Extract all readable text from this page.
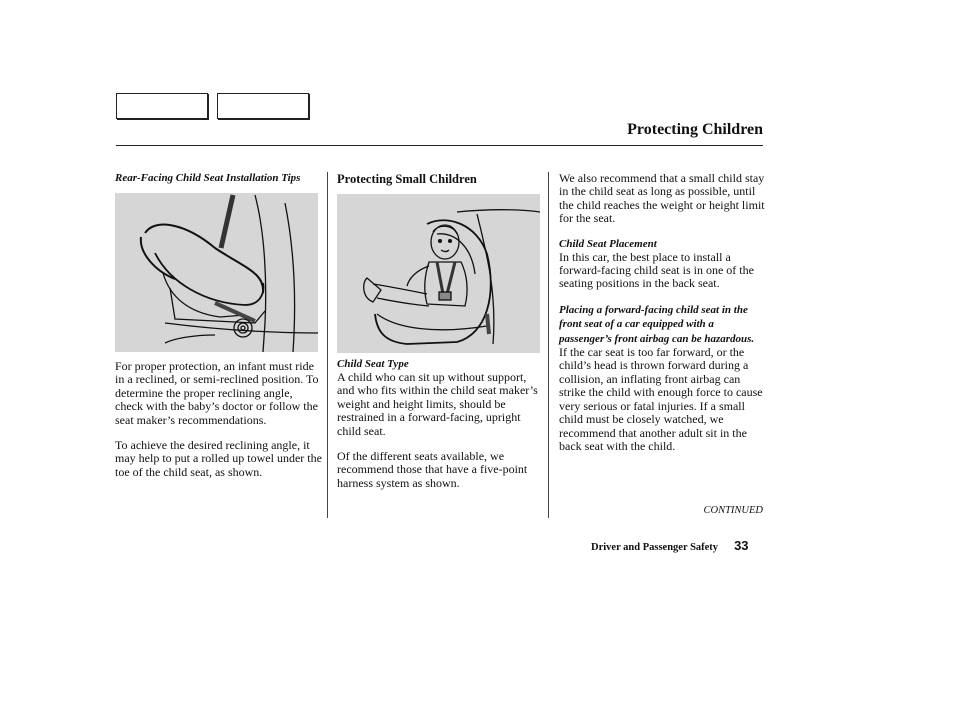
Protecting Children

Rear-Facing Child Seat Installation Tips

For proper protection, an infant must ride in a reclined, or semi-reclined position. To determine the proper reclining angle, check with the baby’s doctor or follow the seat maker’s recommendations.

To achieve the desired reclining angle, it may help to put a rolled up towel under the toe of the child seat, as shown.

Protecting Small Children

Child Seat Type

A child who can sit up without support, and who fits within the child seat maker’s weight and height limits, should be restrained in a forward-facing, upright child seat.

Of the different seats available, we recommend those that have a five-point harness system as shown.

We also recommend that a small child stay in the child seat as long as possible, until the child reaches the weight or height limit for the seat.

Child Seat Placement

In this car, the best place to install a forward-facing child seat is in one of the seating positions in the back seat.

Placing a forward-facing child seat in the front seat of a car equipped with a passenger’s front airbag can be hazardous. If the car seat is too far forward, or the child’s head is thrown forward during a collision, an inflating front airbag can strike the child with enough force to cause very serious or fatal injuries. If a small child must be closely watched, we recommend that another adult sit in the back seat with the child.

CONTINUED
Driver and Passenger Safety 33
